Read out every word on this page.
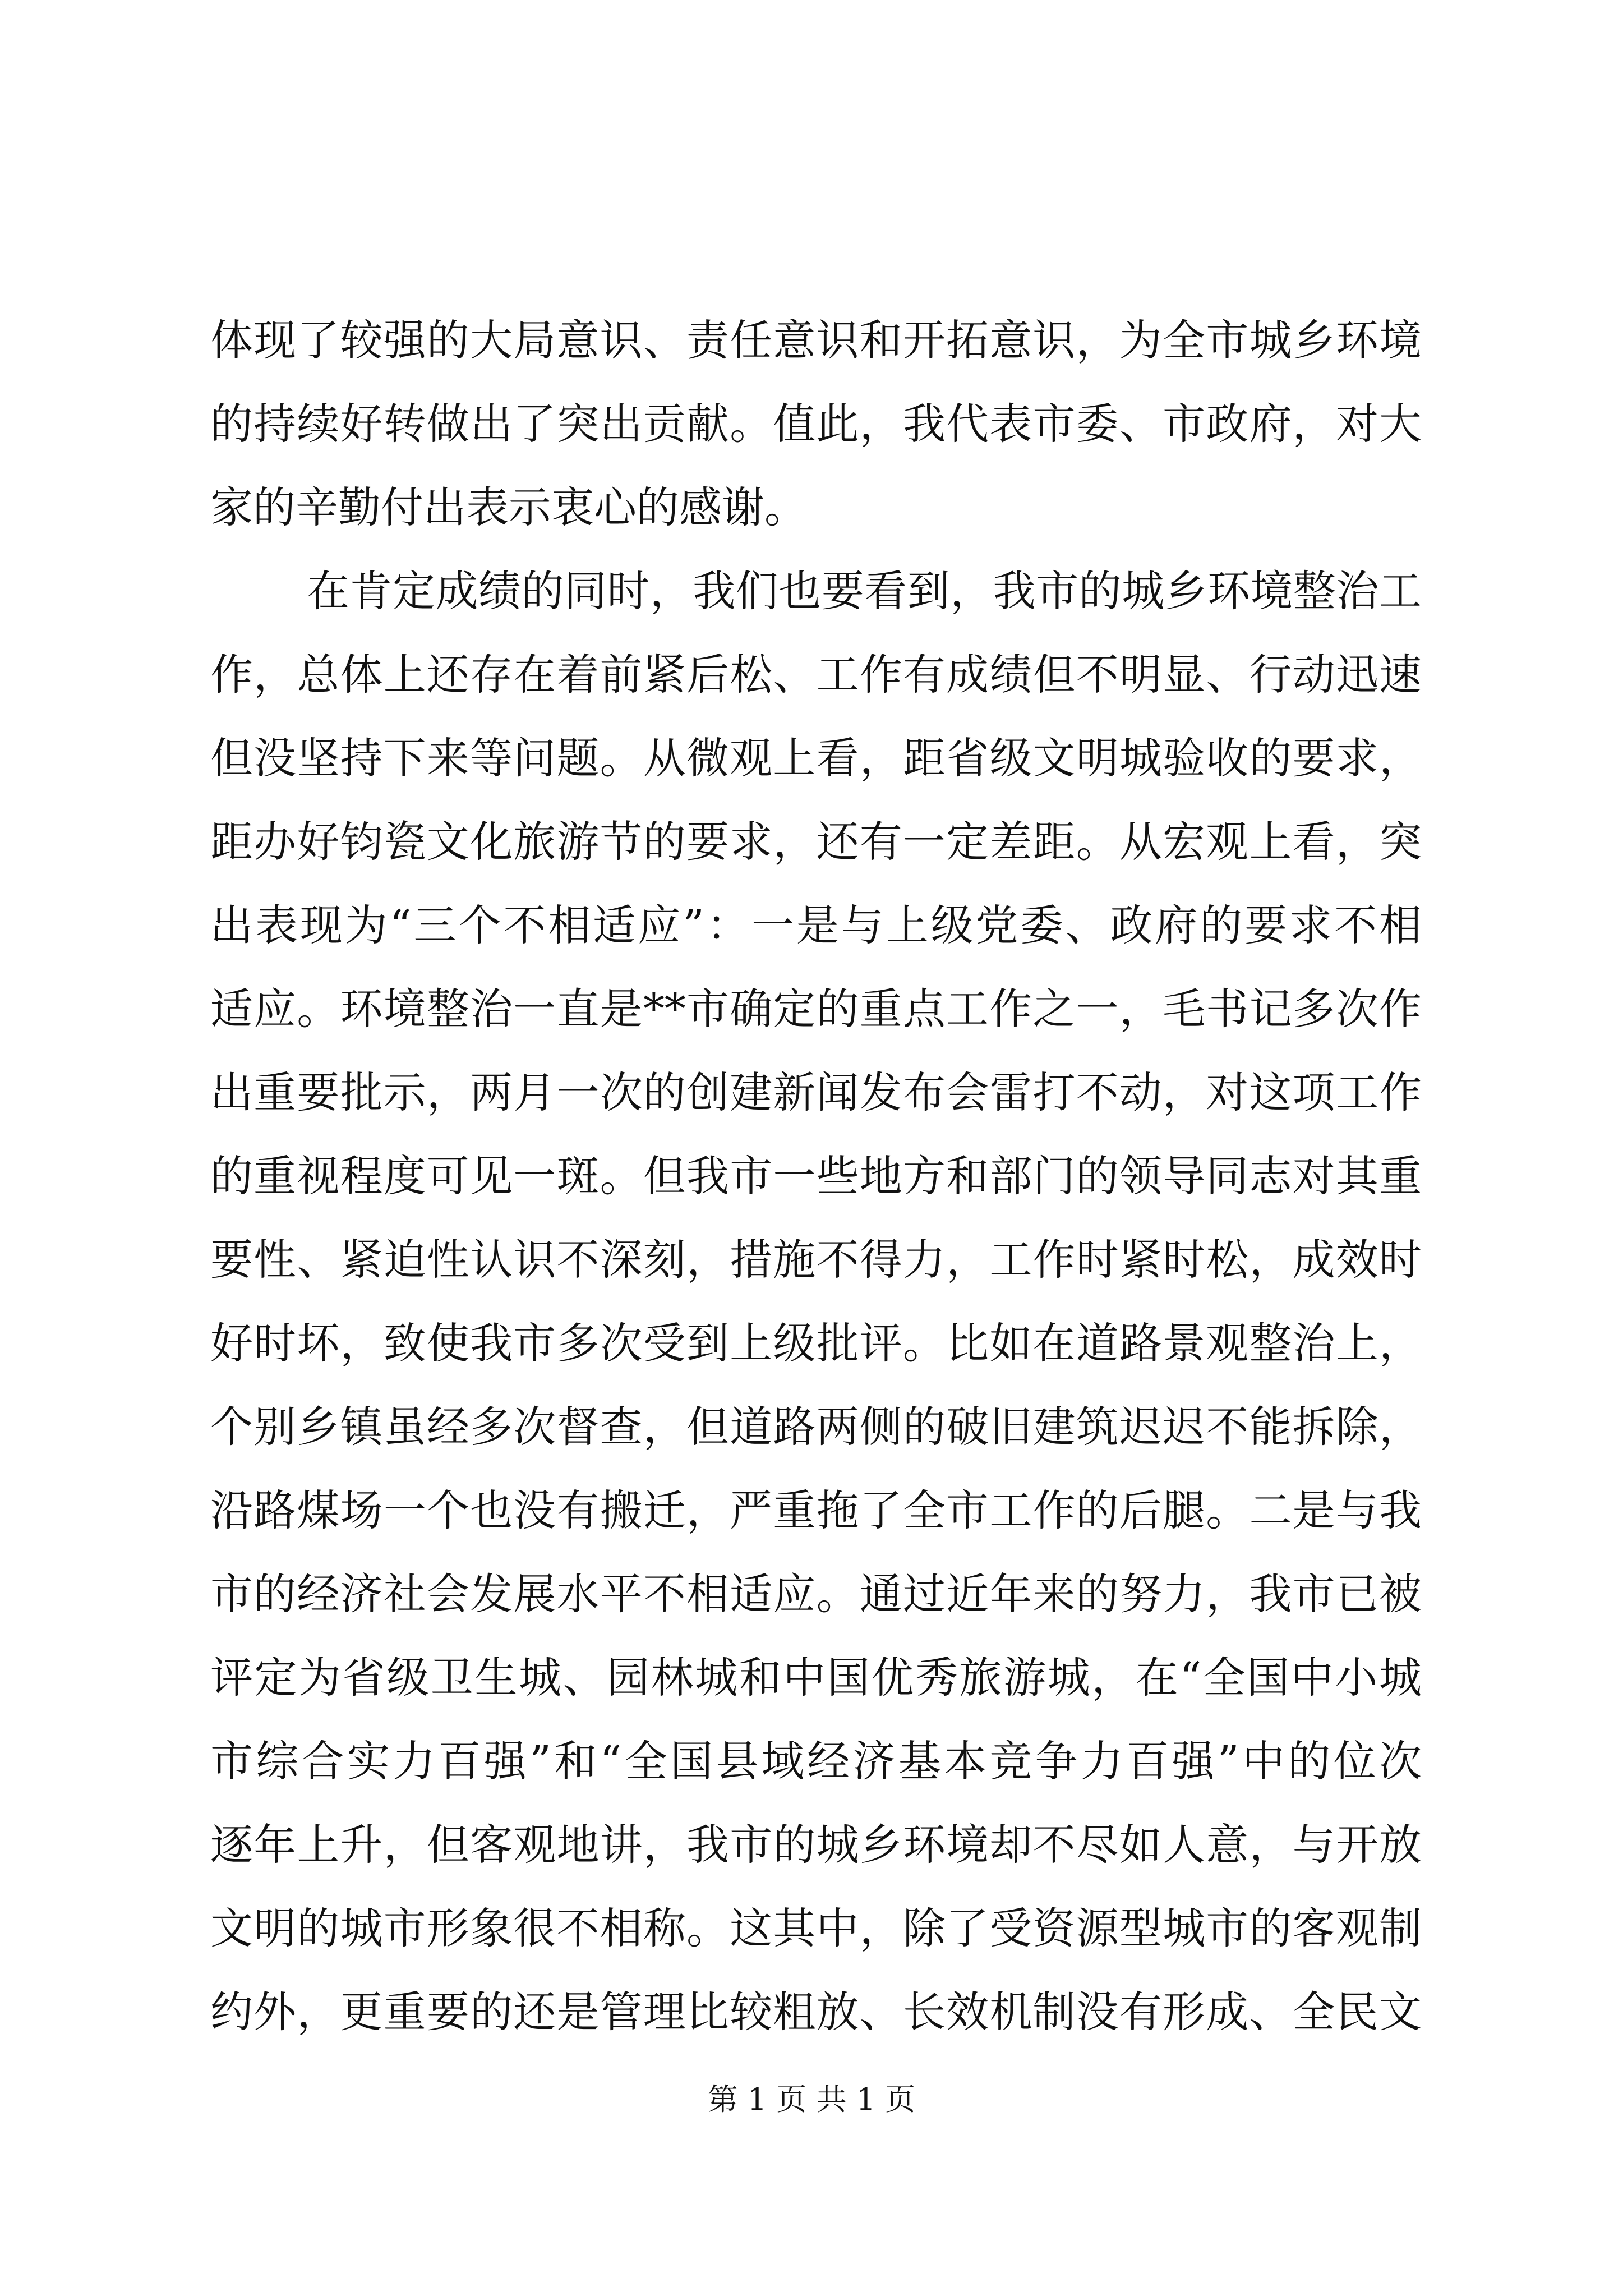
体现了较强的大局意识、责任意识和开拓意识，为全市城乡环境
的持续好转做出了突出贡献。值此，我代表市委、市政府，对大
家的辛勤付出表示衷心的感谢。
在肯定成绩的同时，我们也要看到，我市的城乡环境整治工
作，总体上还存在着前紧后松、工作有成绩但不明显、行动迅速
但没坚持下来等问题。从微观上看，距省级文明城验收的要求，
距办好钧瓷文化旅游节的要求，还有一定差距。从宏观上看，突
出表现为“三个不相适应”：一是与上级党委、政府的要求不相
适应。环境整治一直是**市确定的重点工作之一，毛书记多次作
出重要批示，两月一次的创建新闻发布会雷打不动，对这项工作
的重视程度可见一斑。但我市一些地方和部门的领导同志对其重
要性、紧迫性认识不深刻，措施不得力，工作时紧时松，成效时
好时坏，致使我市多次受到上级批评。比如在道路景观整治上，
个别乡镇虽经多次督查，但道路两侧的破旧建筑迟迟不能拆除，
沿路煤场一个也没有搬迁，严重拖了全市工作的后腿。二是与我
市的经济社会发展水平不相适应。通过近年来的努力，我市已被
评定为省级卫生城、园林城和中国优秀旅游城，在“全国中小城
市综合实力百强”和“全国县域经济基本竞争力百强”中的位次
逐年上升，但客观地讲，我市的城乡环境却不尽如人意，与开放
文明的城市形象很不相称。这其中，除了受资源型城市的客观制
约外，更重要的还是管理比较粗放、长效机制没有形成、全民文
第 1 页 共 1 页
